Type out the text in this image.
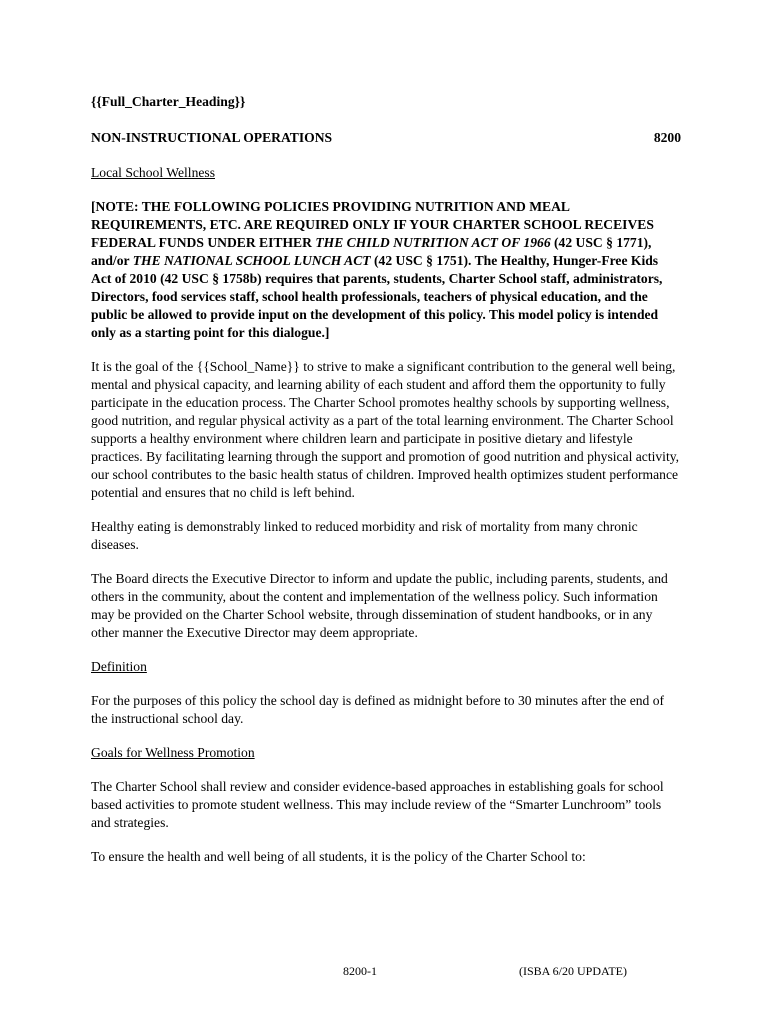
{{Full_Charter_Heading}}
NON-INSTRUCTIONAL OPERATIONS	8200
Local School Wellness
[NOTE: THE FOLLOWING POLICIES PROVIDING NUTRITION AND MEAL REQUIREMENTS, ETC. ARE REQUIRED ONLY IF YOUR CHARTER SCHOOL RECEIVES FEDERAL FUNDS UNDER EITHER THE CHILD NUTRITION ACT OF 1966 (42 USC § 1771), and/or THE NATIONAL SCHOOL LUNCH ACT (42 USC § 1751). The Healthy, Hunger-Free Kids Act of 2010 (42 USC § 1758b) requires that parents, students, Charter School staff, administrators, Directors, food services staff, school health professionals, teachers of physical education, and the public be allowed to provide input on the development of this policy. This model policy is intended only as a starting point for this dialogue.]

It is the goal of the {{School_Name}} to strive to make a significant contribution to the general well being, mental and physical capacity, and learning ability of each student and afford them the opportunity to fully participate in the education process. The Charter School promotes healthy schools by supporting wellness, good nutrition, and regular physical activity as a part of the total learning environment. The Charter School supports a healthy environment where children learn and participate in positive dietary and lifestyle practices. By facilitating learning through the support and promotion of good nutrition and physical activity, our school contributes to the basic health status of children. Improved health optimizes student performance potential and ensures that no child is left behind.

Healthy eating is demonstrably linked to reduced morbidity and risk of mortality from many chronic diseases.

The Board directs the Executive Director to inform and update the public, including parents, students, and others in the community, about the content and implementation of the wellness policy. Such information may be provided on the Charter School website, through dissemination of student handbooks, or in any other manner the Executive Director may deem appropriate.

Definition

For the purposes of this policy the school day is defined as midnight before to 30 minutes after the end of the instructional school day.

Goals for Wellness Promotion

The Charter School shall review and consider evidence-based approaches in establishing goals for school based activities to promote student wellness. This may include review of the “Smarter Lunchroom” tools and strategies.

To ensure the health and well being of all students, it is the policy of the Charter School to:

8200-1	(ISBA 6/20 UPDATE)
